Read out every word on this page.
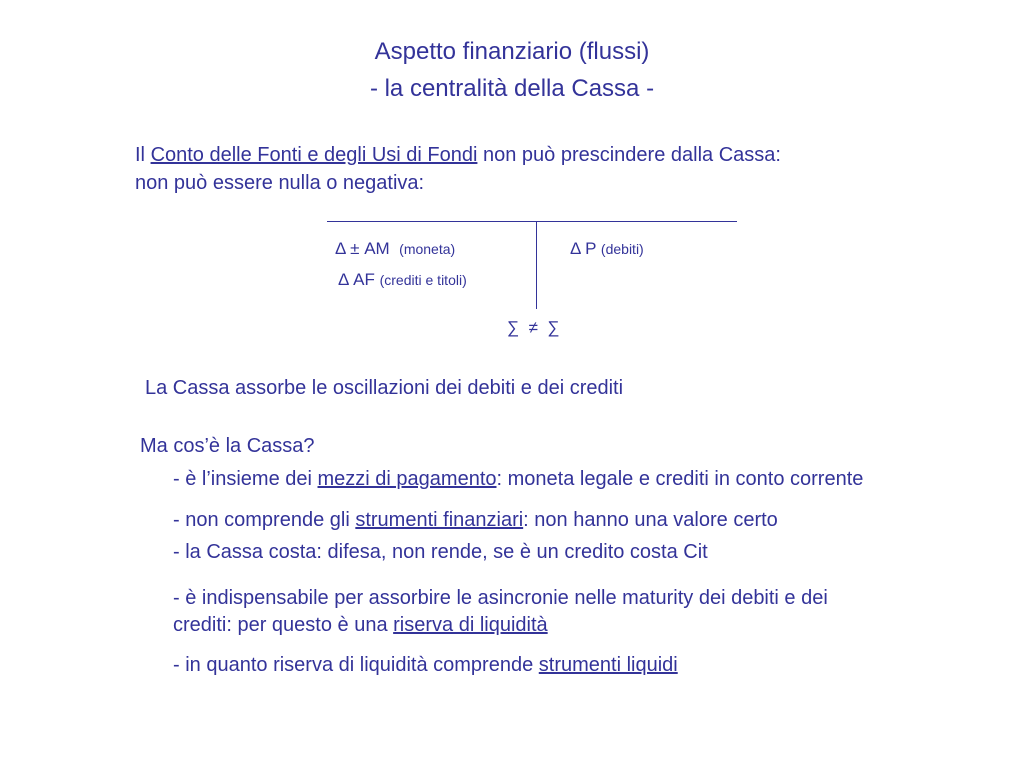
Aspetto finanziario (flussi)
- la centralità della Cassa -
Il Conto delle Fonti e degli Usi di Fondi non può prescindere dalla Cassa:
non può essere nulla o negativa:
Δ ± AM (moneta)
Δ AF (crediti e titoli)
Δ P (debiti)
∑  ≠  ∑
La Cassa assorbe le oscillazioni dei debiti e dei crediti
Ma cos’è la Cassa?
- è l’insieme dei mezzi di pagamento: moneta legale e crediti in conto corrente
- non comprende gli strumenti finanziari: non hanno una valore certo
- la Cassa costa: difesa, non rende, se è un credito costa Cit
- è indispensabile per assorbire le asincronie nelle maturity dei debiti e dei
crediti: per questo è una riserva di liquidità
- in quanto riserva di liquidità comprende strumenti liquidi
